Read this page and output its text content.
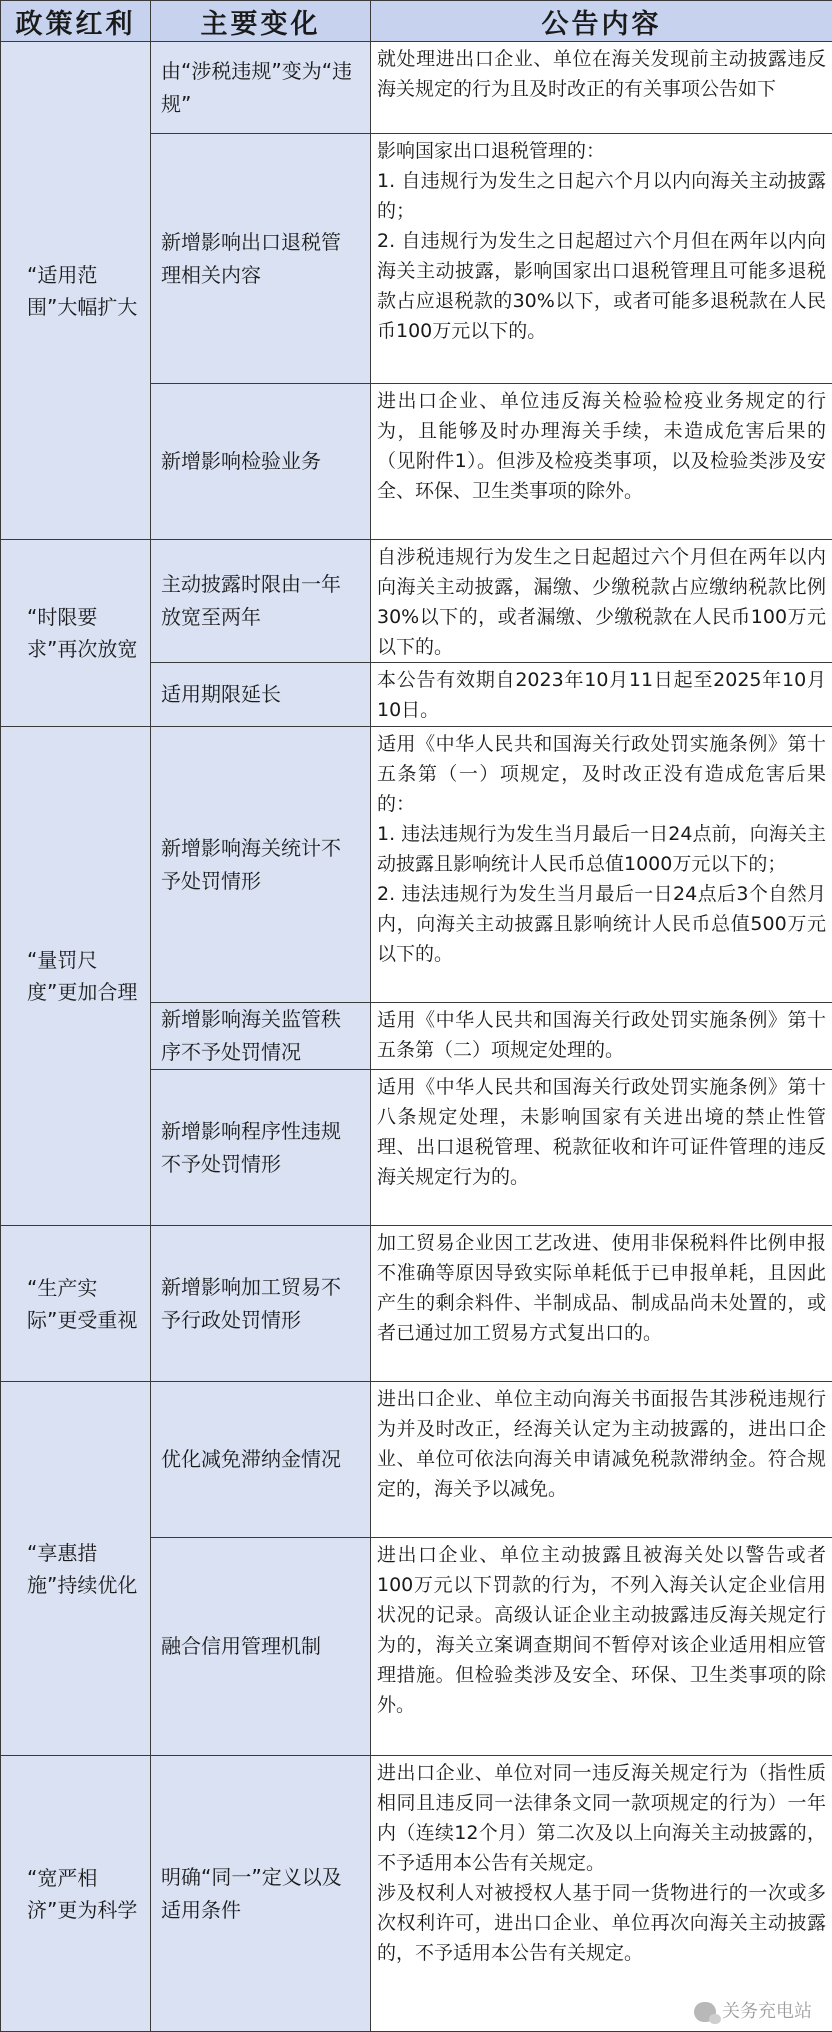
政策红利	主要变化	公告内容
“适用范围”大幅扩大	由“涉税违规”变为“违规”	就处理进出口企业、单位在海关发现前主动披露违反海关规定的行为且及时改正的有关事项公告如下

	新增影响出口退税管理相关内容	影响国家出口退税管理的：
1. 自违规行为发生之日起六个月以内向海关主动披露的；
2. 自违规行为发生之日起超过六个月但在两年以内向海关主动披露，影响国家出口退税管理且可能多退税款占应退税款的30%以下，或者可能多退税款在人民币100万元以下的。

	新增影响检验业务	进出口企业、单位违反海关检验检疫业务规定的行为，且能够及时办理海关手续，未造成危害后果的（见附件1）。但涉及检疫类事项，以及检验类涉及安全、环保、卫生类事项的除外。

“时限要求”再次放宽	主动披露时限由一年放宽至两年	自涉税违规行为发生之日起超过六个月但在两年以内向海关主动披露，漏缴、少缴税款占应缴纳税款比例30%以下的，或者漏缴、少缴税款在人民币100万元以下的。

	适用期限延长	本公告有效期自2023年10月11日起至2025年10月10日。

“量罚尺度”更加合理	新增影响海关统计不予处罚情形	适用《中华人民共和国海关行政处罚实施条例》第十五条第（一）项规定，及时改正没有造成危害后果的：
1. 违法违规行为发生当月最后一日24点前，向海关主动披露且影响统计人民币总值1000万元以下的；
2. 违法违规行为发生当月最后一日24点后3个自然月内，向海关主动披露且影响统计人民币总值500万元以下的。

	新增影响海关监管秩序不予处罚情况	适用《中华人民共和国海关行政处罚实施条例》第十五条第（二）项规定处理的。

	新增影响程序性违规不予处罚情形	适用《中华人民共和国海关行政处罚实施条例》第十八条规定处理，未影响国家有关进出境的禁止性管理、出口退税管理、税款征收和许可证件管理的违反海关规定行为的。

“生产实际”更受重视	新增影响加工贸易不予行政处罚情形	加工贸易企业因工艺改进、使用非保税料件比例申报不准确等原因导致实际单耗低于已申报单耗，且因此产生的剩余料件、半制成品、制成品尚未处置的，或者已通过加工贸易方式复出口的。

“享惠措施”持续优化	优化减免滞纳金情况	进出口企业、单位主动向海关书面报告其涉税违规行为并及时改正，经海关认定为主动披露的，进出口企业、单位可依法向海关申请减免税款滞纳金。符合规定的，海关予以减免。

	融合信用管理机制	进出口企业、单位主动披露且被海关处以警告或者100万元以下罚款的行为，不列入海关认定企业信用状况的记录。高级认证企业主动披露违反海关规定行为的，海关立案调查期间不暂停对该企业适用相应管理措施。但检验类涉及安全、环保、卫生类事项的除外。

“宽严相济”更为科学	明确“同一”定义以及适用条件	进出口企业、单位对同一违反海关规定行为（指性质相同且违反同一法律条文同一款项规定的行为）一年内（连续12个月）第二次及以上向海关主动披露的，不予适用本公告有关规定。
涉及权利人对被授权人基于同一货物进行的一次或多次权利许可，进出口企业、单位再次向海关主动披露的，不予适用本公告有关规定。
关务充电站
